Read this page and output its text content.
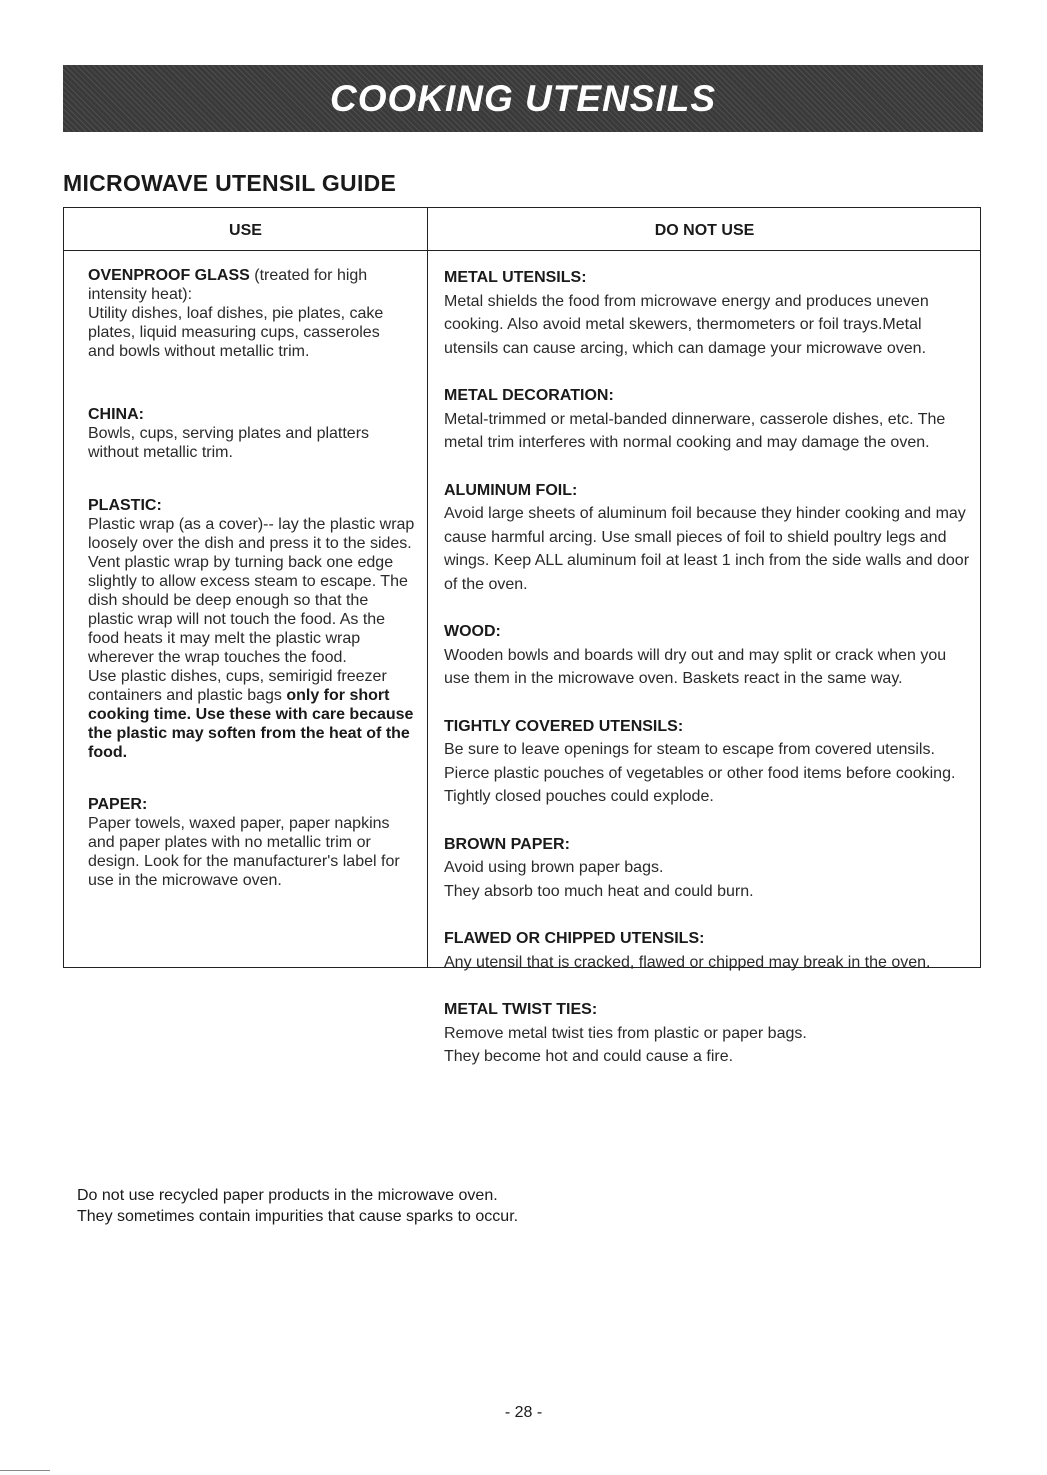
COOKING UTENSILS
MICROWAVE UTENSIL GUIDE
USE	DO NOT USE
OVENPROOF GLASS (treated for high intensity heat):
Utility dishes, loaf dishes, pie plates, cake plates, liquid measuring cups, casseroles and bowls without metallic trim.
CHINA:
Bowls, cups, serving plates and platters without metallic trim.
PLASTIC:
Plastic wrap (as a cover)-- lay the plastic wrap loosely over the dish and press it to the sides.
Vent plastic wrap by turning back one edge slightly to allow excess steam to escape. The dish should be deep enough so that the plastic wrap will not touch the food. As the food heats it may melt the plastic wrap wherever the wrap touches the food.
Use plastic dishes, cups, semirigid freezer containers and plastic bags only for short cooking time. Use these with care because the plastic may soften from the heat of the food.
PAPER:
Paper towels, waxed paper, paper napkins and paper plates with no metallic trim or design. Look for the manufacturer's label for use in the microwave oven.
METAL UTENSILS:
Metal shields the food from microwave energy and produces uneven cooking. Also avoid metal skewers, thermometers or foil trays.Metal utensils can cause arcing, which can damage your microwave oven.
METAL DECORATION:
Metal-trimmed or metal-banded dinnerware, casserole dishes, etc. The metal trim interferes with normal cooking and may damage the oven.
ALUMINUM FOIL:
Avoid large sheets of aluminum foil because they hinder cooking and may cause harmful arcing. Use small pieces of foil to shield poultry legs and wings. Keep ALL aluminum foil at least 1 inch from the side walls and door of the oven.
WOOD:
Wooden bowls and boards will dry out and may split or crack when you use them in the microwave oven. Baskets react in the same way.
TIGHTLY COVERED UTENSILS:
Be sure to leave openings for steam to escape from covered utensils. Pierce plastic pouches of vegetables or other food items before cooking. Tightly closed pouches could explode.
BROWN PAPER:
Avoid using brown paper bags.
They absorb too much heat and could burn.
FLAWED OR CHIPPED UTENSILS:
Any utensil that is cracked, flawed or chipped may break in the oven.
METAL TWIST TIES:
Remove metal twist ties from plastic or paper bags.
They become hot and could cause a fire.
Do not use recycled paper products in the microwave oven.
They sometimes contain impurities that cause sparks to occur.
- 28 -
